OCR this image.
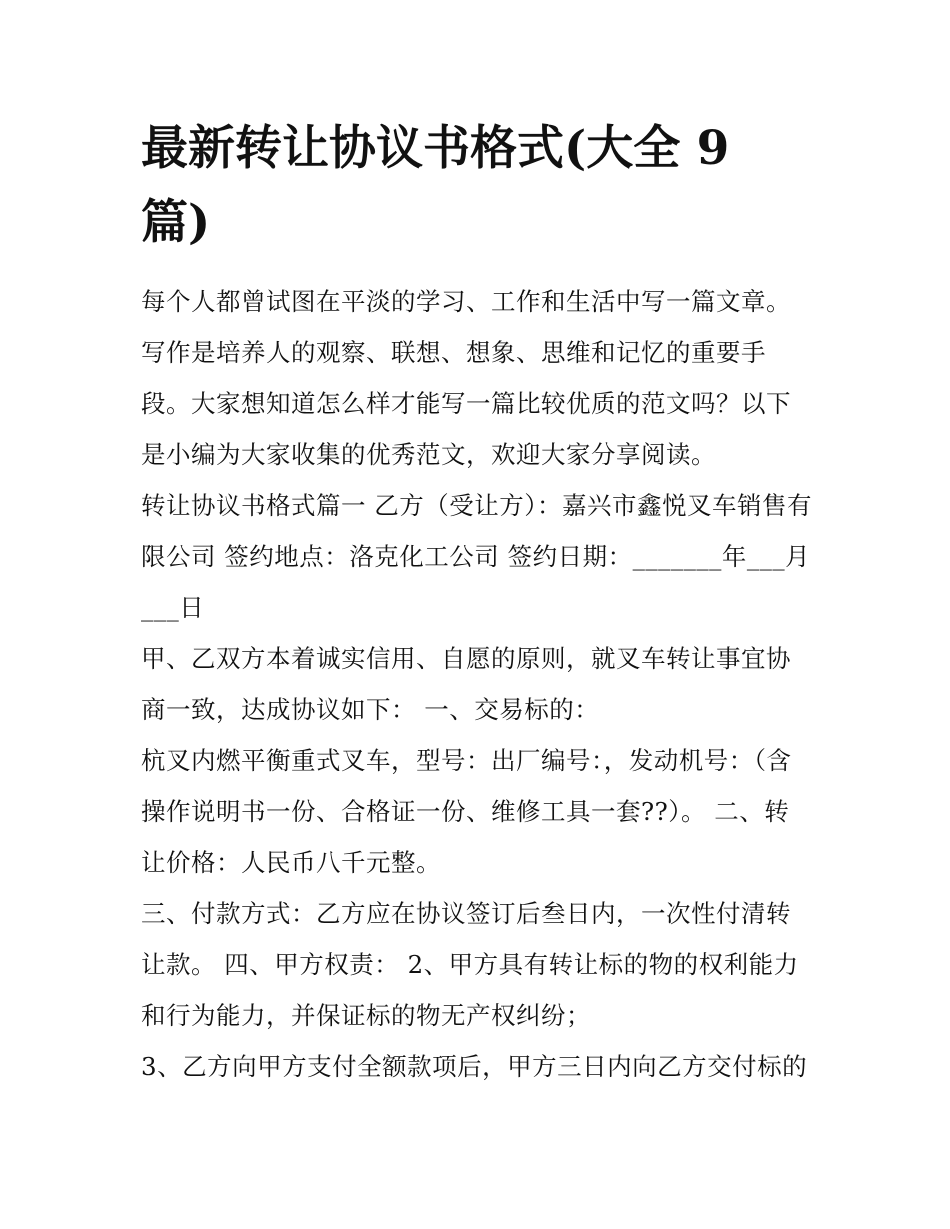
最新转让协议书格式(大全 9 篇)

每个人都曾试图在平淡的学习、工作和生活中写一篇文章。写作是培养人的观察、联想、想象、思维和记忆的重要手段。大家想知道怎么样才能写一篇比较优质的范文吗？以下是小编为大家收集的优秀范文，欢迎大家分享阅读。

转让协议书格式篇一 乙方（受让方）：嘉兴市鑫悦叉车销售有限公司 签约地点：洛克化工公司 签约日期：_______年___月___日

甲、乙双方本着诚实信用、自愿的原则，就叉车转让事宜协商一致，达成协议如下： 一、交易标的：

杭叉内燃平衡重式叉车，型号：出厂编号：，发动机号：（含操作说明书一份、合格证一份、维修工具一套??）。 二、转让价格：人民币八千元整。

三、付款方式：乙方应在协议签订后叁日内，一次性付清转让款。 四、甲方权责： 2、甲方具有转让标的物的权利能力和行为能力，并保证标的物无产权纠纷；

3、乙方向甲方支付全额款项后，甲方三日内向乙方交付标的
